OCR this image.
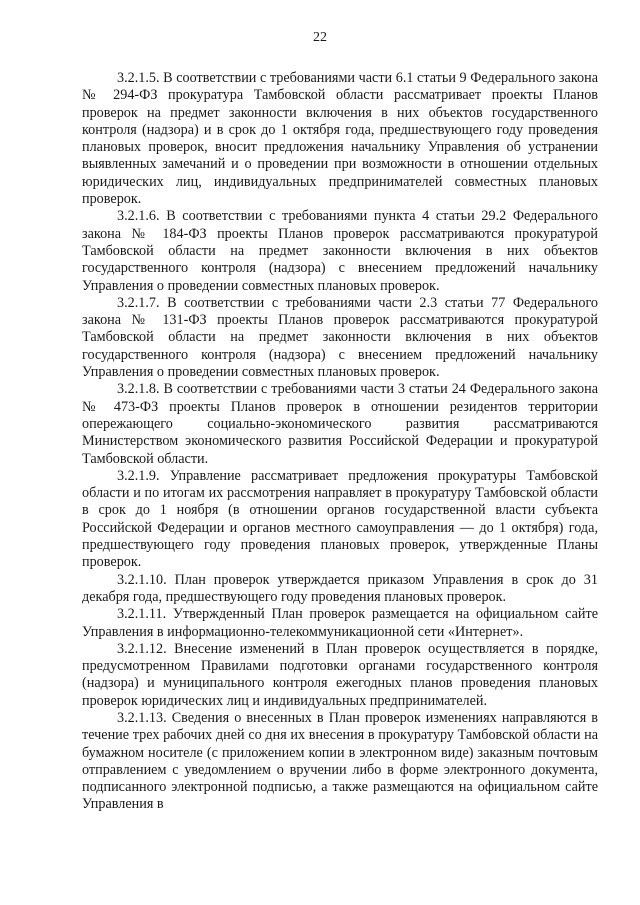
22

3.2.1.5. В соответствии с требованиями части 6.1 статьи 9 Федерального закона № 294-ФЗ прокуратура Тамбовской области рассматривает проекты Планов проверок на предмет законности включения в них объектов государственного контроля (надзора) и в срок до 1 октября года, предшествующего году проведения плановых проверок, вносит предложения начальнику Управления об устранении выявленных замечаний и о проведении при возможности в отношении отдельных юридических лиц, индивидуальных предпринимателей совместных плановых проверок.

3.2.1.6. В соответствии с требованиями пункта 4 статьи 29.2 Федерального закона № 184-ФЗ проекты Планов проверок рассматриваются прокуратурой Тамбовской области на предмет законности включения в них объектов государственного контроля (надзора) с внесением предложений начальнику Управления о проведении совместных плановых проверок.

3.2.1.7. В соответствии с требованиями части 2.3 статьи 77 Федерального закона № 131-ФЗ проекты Планов проверок рассматриваются прокуратурой Тамбовской области на предмет законности включения в них объектов государственного контроля (надзора) с внесением предложений начальнику Управления о проведении совместных плановых проверок.

3.2.1.8. В соответствии с требованиями части 3 статьи 24 Федерального закона № 473-ФЗ проекты Планов проверок в отношении резидентов территории опережающего социально-экономического развития рассматриваются Министерством экономического развития Российской Федерации и прокуратурой Тамбовской области.

3.2.1.9. Управление рассматривает предложения прокуратуры Тамбовской области и по итогам их рассмотрения направляет в прокуратуру Тамбовской области в срок до 1 ноября (в отношении органов государственной власти субъекта Российской Федерации и органов местного самоуправления — до 1 октября) года, предшествующего году проведения плановых проверок, утвержденные Планы проверок.

3.2.1.10. План проверок утверждается приказом Управления в срок до 31 декабря года, предшествующего году проведения плановых проверок.

3.2.1.11. Утвержденный План проверок размещается на официальном сайте Управления в информационно-телекоммуникационной сети «Интернет».

3.2.1.12. Внесение изменений в План проверок осуществляется в порядке, предусмотренном Правилами подготовки органами государственного контроля (надзора) и муниципального контроля ежегодных планов проведения плановых проверок юридических лиц и индивидуальных предпринимателей.

3.2.1.13. Сведения о внесенных в План проверок изменениях направляются в течение трех рабочих дней со дня их внесения в прокуратуру Тамбовской области на бумажном носителе (с приложением копии в электронном виде) заказным почтовым отправлением с уведомлением о вручении либо в форме электронного документа, подписанного электронной подписью, а также размещаются на официальном сайте Управления в
